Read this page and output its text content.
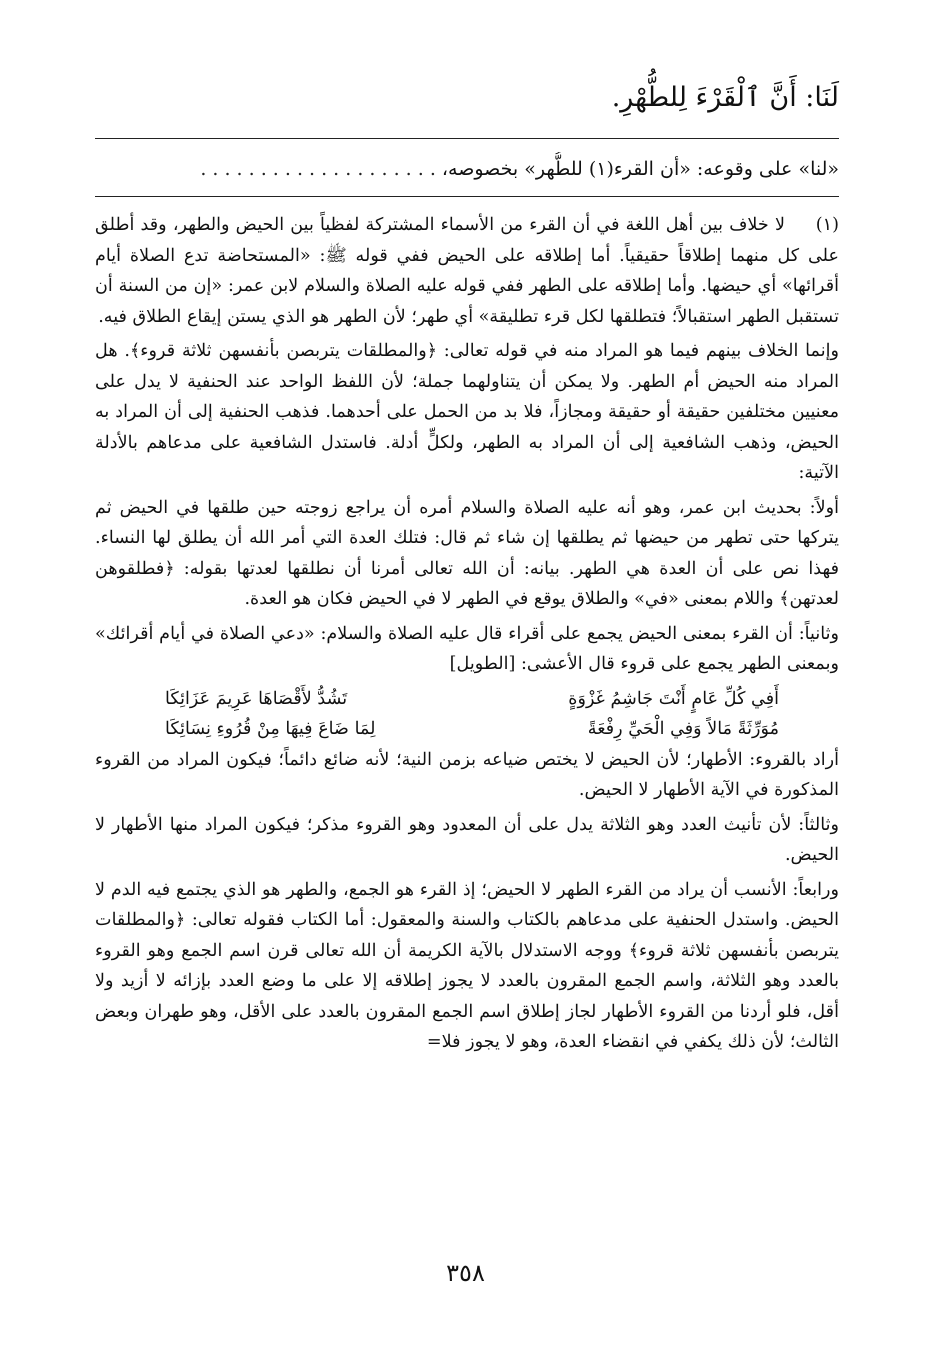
لَنَا: أَنَّ ٱلْقَرْءَ لِلطُّهْرِ.
«لنا» على وقوعه: «أن القرء(١) للطُّهر» بخصوصه، . . . . . . . . . . . . . . . . . . . .

(١)
لا خلاف بين أهل اللغة في أن القرء من الأسماء المشتركة لفظياً بين الحيض والطهر، وقد أطلق على كل منهما إطلاقاً حقيقياً. أما إطلاقه على الحيض ففي قوله ﷺ: «المستحاضة تدع الصلاة أيام أقرائها» أي حيضها. وأما إطلاقه على الطهر ففي قوله عليه الصلاة والسلام لابن عمر: «إن من السنة أن تستقبل الطهر استقبالاً؛ فتطلقها لكل قرء تطليقة» أي طهر؛ لأن الطهر هو الذي يستن إيقاع الطلاق فيه.

وإنما الخلاف بينهم فيما هو المراد منه في قوله تعالى: ﴿والمطلقات يتربصن بأنفسهن ثلاثة قروء﴾. هل المراد منه الحيض أم الطهر. ولا يمكن أن يتناولهما جملة؛ لأن اللفظ الواحد عند الحنفية لا يدل على معنيين مختلفين حقيقة أو حقيقة ومجازاً، فلا بد من الحمل على أحدهما. فذهب الحنفية إلى أن المراد به الحيض، وذهب الشافعية إلى أن المراد به الطهر، ولكلٍّ أدلة. فاستدل الشافعية على مدعاهم بالأدلة الآتية:

أولاً: بحديث ابن عمر، وهو أنه عليه الصلاة والسلام أمره أن يراجع زوجته حين طلقها في الحيض ثم يتركها حتى تطهر من حيضها ثم يطلقها إن شاء ثم قال: فتلك العدة التي أمر الله أن يطلق لها النساء. فهذا نص على أن العدة هي الطهر. بيانه: أن الله تعالى أمرنا أن نطلقها لعدتها بقوله: ﴿فطلقوهن لعدتهن﴾ واللام بمعنى «في» والطلاق يوقع في الطهر لا في الحيض فكان هو العدة.

وثانياً: أن القرء بمعنى الحيض يجمع على أقراء قال عليه الصلاة والسلام: «دعي الصلاة في أيام أقرائك» وبمعنى الطهر يجمع على قروء قال الأعشى: [الطويل]

أَفِي كُلِّ عَامٍ أَنْتَ جَاشِمُ غَزْوَةٍ
تَشُدُّ لأَقْصَاهَا عَرِيمَ عَزَائِكَا
مُوَرِّثَةً مَالاً وَفِي الْحَيِّ رِفْعَةً
لِمَا ضَاعَ فِيهَا مِنْ قُرُوءِ نِسَائِكَا

أراد بالقروء: الأطهار؛ لأن الحيض لا يختص ضياعه بزمن النية؛ لأنه ضائع دائماً؛ فيكون المراد من القروء المذكورة في الآية الأطهار لا الحيض.

وثالثاً: لأن تأنيث العدد وهو الثلاثة يدل على أن المعدود وهو القروء مذكر؛ فيكون المراد منها الأطهار لا الحيض.

ورابعاً: الأنسب أن يراد من القرء الطهر لا الحيض؛ إذ القرء هو الجمع، والطهر هو الذي يجتمع فيه الدم لا الحيض. واستدل الحنفية على مدعاهم بالكتاب والسنة والمعقول: أما الكتاب فقوله تعالى: ﴿والمطلقات يتربصن بأنفسهن ثلاثة قروء﴾ ووجه الاستدلال بالآية الكريمة أن الله تعالى قرن اسم الجمع وهو القروء بالعدد وهو الثلاثة، واسم الجمع المقرون بالعدد لا يجوز إطلاقه إلا على ما وضع العدد بإزائه لا أزيد ولا أقل، فلو أردنا من القروء الأطهار لجاز إطلاق اسم الجمع المقرون بالعدد على الأقل، وهو طهران وبعض الثالث؛ لأن ذلك يكفي في انقضاء العدة، وهو لا يجوز فلا=

٣٥٨
